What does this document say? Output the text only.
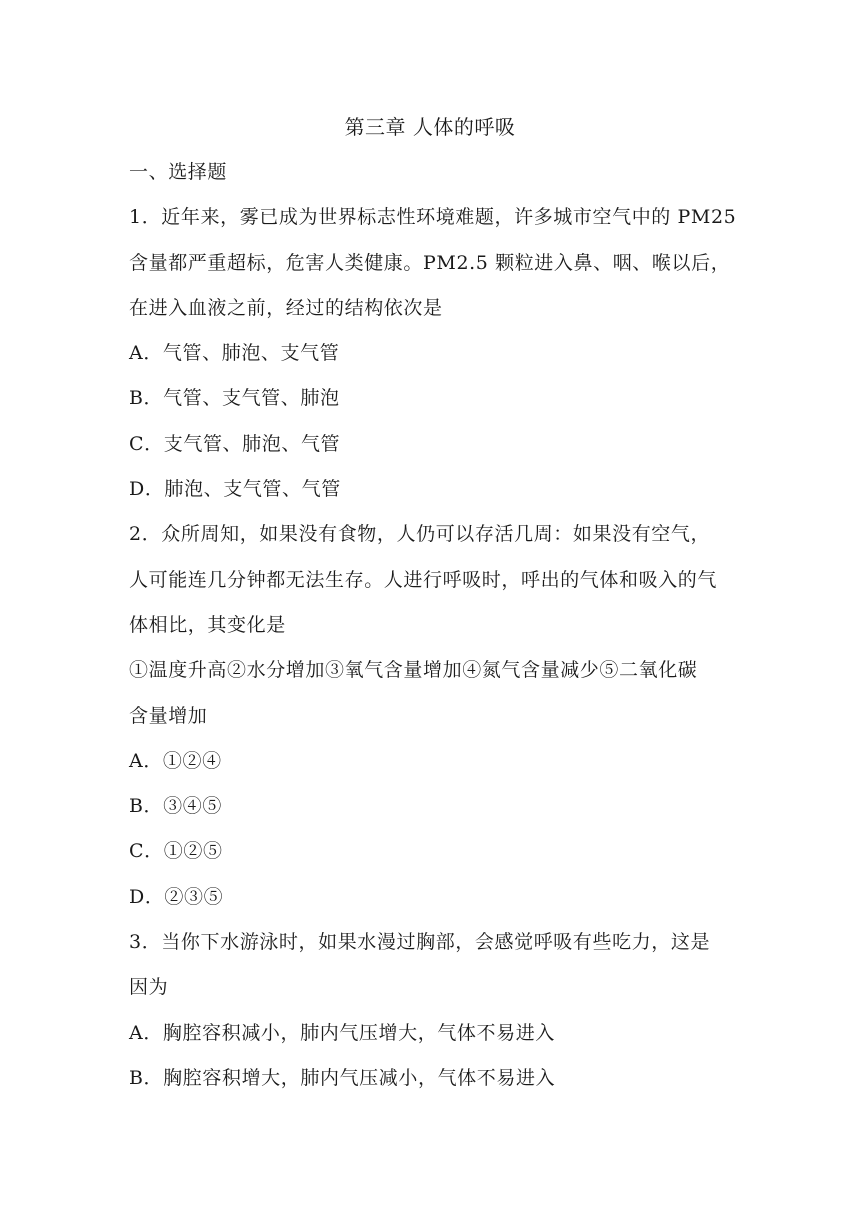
第三章 人体的呼吸
一、选择题
1．近年来，雾已成为世界标志性环境难题，许多城市空气中的 PM25
含量都严重超标，危害人类健康。PM2.5 颗粒进入鼻、咽、喉以后，
在进入血液之前，经过的结构依次是
A．气管、肺泡、支气管
B．气管、支气管、肺泡
C．支气管、肺泡、气管
D．肺泡、支气管、气管
2．众所周知，如果没有食物，人仍可以存活几周：如果没有空气，
人可能连几分钟都无法生存。人进行呼吸时，呼出的气体和吸入的气
体相比，其变化是
①温度升高②水分增加③氧气含量增加④氮气含量减少⑤二氧化碳
含量增加
A．①②④
B．③④⑤
C．①②⑤
D．②③⑤
3．当你下水游泳时，如果水漫过胸部，会感觉呼吸有些吃力，这是
因为
A．胸腔容积减小，肺内气压增大，气体不易进入
B．胸腔容积增大，肺内气压减小，气体不易进入
